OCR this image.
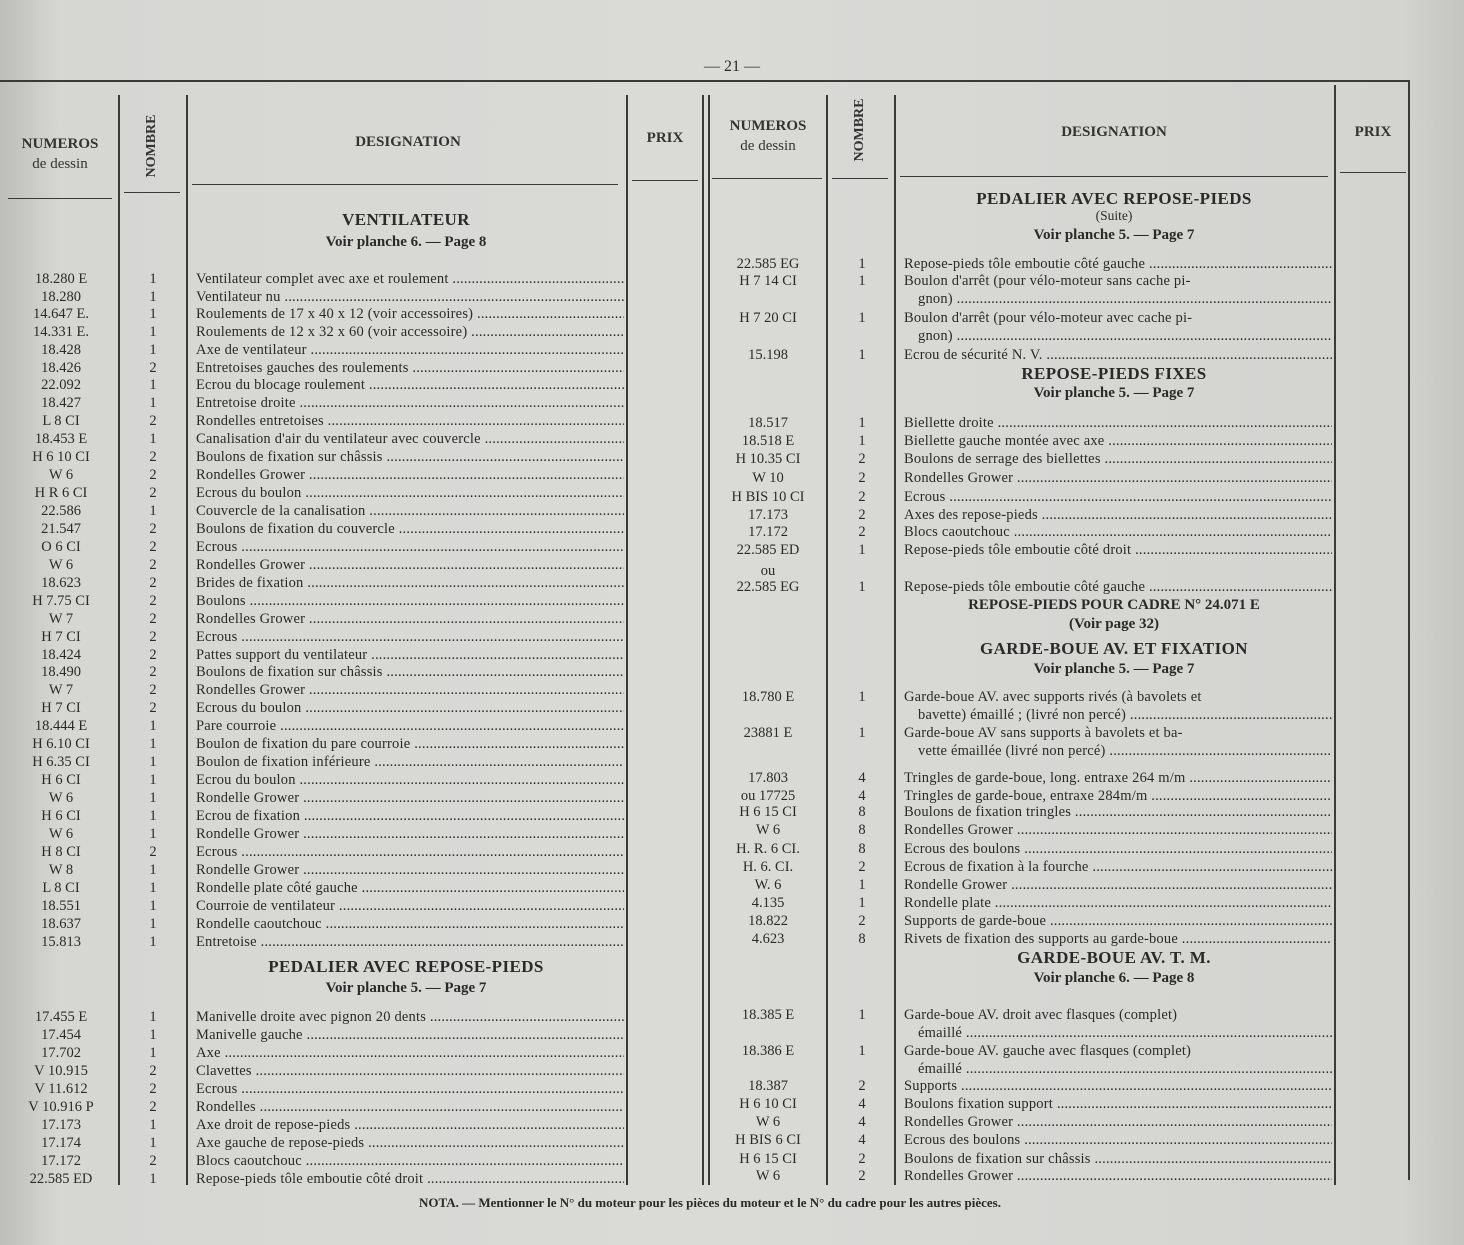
— 21 —
NUMEROS
de dessin	NOMBRE	DESIGNATION	PRIX
NUMEROS
de dessin	NOMBRE	DESIGNATION	PRIX
VENTILATEUR
Voir planche 6. — Page 8
PEDALIER AVEC REPOSE-PIEDS
Voir planche 5. — Page 7
PEDALIER AVEC REPOSE-PIEDS
(Suite)
Voir planche 5. — Page 7
REPOSE-PIEDS FIXES
Voir planche 5. — Page 7
REPOSE-PIEDS POUR CADRE N° 24.071 E
(Voir page 32)
GARDE-BOUE AV. ET FIXATION
Voir planche 5. — Page 7
GARDE-BOUE AV. T. M.
Voir planche 6. — Page 8
18.280 E	1	Ventilateur complet avec axe et roulement .....
18.280	1	Ventilateur nu .....
14.647 E.	1	Roulements de 17 x 40 x 12 (voir accessoires) .....
14.331 E.	1	Roulements de 12 x 32 x 60 (voir accessoire) .....
18.428	1	Axe de ventilateur .....
18.426	2	Entretoises gauches des roulements .....
22.092	1	Ecrou du blocage roulement .....
18.427	1	Entretoise droite .....
L 8 CI	2	Rondelles entretoises .....
18.453 E	1	Canalisation d'air du ventilateur avec couvercle .....
H 6 10 CI	2	Boulons de fixation sur châssis .....
W 6	2	Rondelles Grower .....
H R 6 CI	2	Ecrous du boulon .....
22.586	1	Couvercle de la canalisation .....
21.547	2	Boulons de fixation du couvercle .....
O 6 CI	2	Ecrous .....
W 6	2	Rondelles Grower .....
18.623	2	Brides de fixation .....
H 7.75 CI	2	Boulons .....
W 7	2	Rondelles Grower .....
H 7 CI	2	Ecrous .....
18.424	2	Pattes support du ventilateur .....
18.490	2	Boulons de fixation sur châssis .....
W 7	2	Rondelles Grower .....
H 7 CI	2	Ecrous du boulon .....
18.444 E	1	Pare courroie .....
H 6.10 CI	1	Boulon de fixation du pare courroie .....
H 6.35 CI	1	Boulon de fixation inférieure .....
H 6 CI	1	Ecrou du boulon .....
W 6	1	Rondelle Grower .....
H 6 CI	1	Ecrou de fixation .....
W 6	1	Rondelle Grower .....
H 8 CI	2	Ecrous .....
W 8	1	Rondelle Grower .....
L 8 CI	1	Rondelle plate côté gauche .....
18.551	1	Courroie de ventilateur .....
18.637	1	Rondelle caoutchouc .....
15.813	1	Entretoise .....
17.455 E	1	Manivelle droite avec pignon 20 dents .....
17.454	1	Manivelle gauche .....
17.702	1	Axe .....
V 10.915	2	Clavettes .....
V 11.612	2	Ecrous .....
V 10.916 P	2	Rondelles .....
17.173	1	Axe droit de repose-pieds .....
17.174	1	Axe gauche de repose-pieds .....
17.172	2	Blocs caoutchouc .....
22.585 ED	1	Repose-pieds tôle emboutie côté droit .....
22.585 EG	1	Repose-pieds tôle emboutie côté gauche .....
H 7 14 CI	1	Boulon d'arrêt (pour vélo-moteur sans cache pi-
gnon) .....
H 7 20 CI	1	Boulon d'arrêt (pour vélo-moteur avec cache pi-
gnon) .....
15.198	1	Ecrou de sécurité N. V. .....
18.517	1	Biellette droite .....
18.518 E	1	Biellette gauche montée avec axe .....
H 10.35 CI	2	Boulons de serrage des biellettes .....
W 10	2	Rondelles Grower .....
H BIS 10 CI	2	Ecrous .....
17.173	2	Axes des repose-pieds .....
17.172	2	Blocs caoutchouc .....
22.585 ED	1	Repose-pieds tôle emboutie côté droit .....
ou
22.585 EG	1	Repose-pieds tôle emboutie côté gauche .....
18.780 E	1	Garde-boue AV. avec supports rivés (à bavolets et
bavette) émaillé ; (livré non percé) .....
23881 E	1	Garde-boue AV sans supports à bavolets et ba-
vette émaillée (livré non percé) .....
17.803	4	Tringles de garde-boue, long. entraxe 264 m/m .....
ou 17725	4	Tringles de garde-boue, entraxe 284m/m .....
H 6 15 CI	8	Boulons de fixation tringles .....
W 6	8	Rondelles Grower .....
H. R. 6 CI.	8	Ecrous des boulons .....
H. 6. CI.	2	Ecrous de fixation à la fourche .....
W. 6	1	Rondelle Grower .....
4.135	1	Rondelle plate .....
18.822	2	Supports de garde-boue .....
4.623	8	Rivets de fixation des supports au garde-boue .....
18.385 E	1	Garde-boue AV. droit avec flasques (complet)
émaillé .....
18.386 E	1	Garde-boue AV. gauche avec flasques (complet)
émaillé .....
18.387	2	Supports .....
H 6 10 CI	4	Boulons fixation support .....
W 6	4	Rondelles Grower .....
H BIS 6 CI	4	Ecrous des boulons .....
H 6 15 CI	2	Boulons de fixation sur châssis .....
W 6	2	Rondelles Grower .....
NOTA. — Mentionner le N° du moteur pour les pièces du moteur et le N° du cadre pour les autres pièces.
